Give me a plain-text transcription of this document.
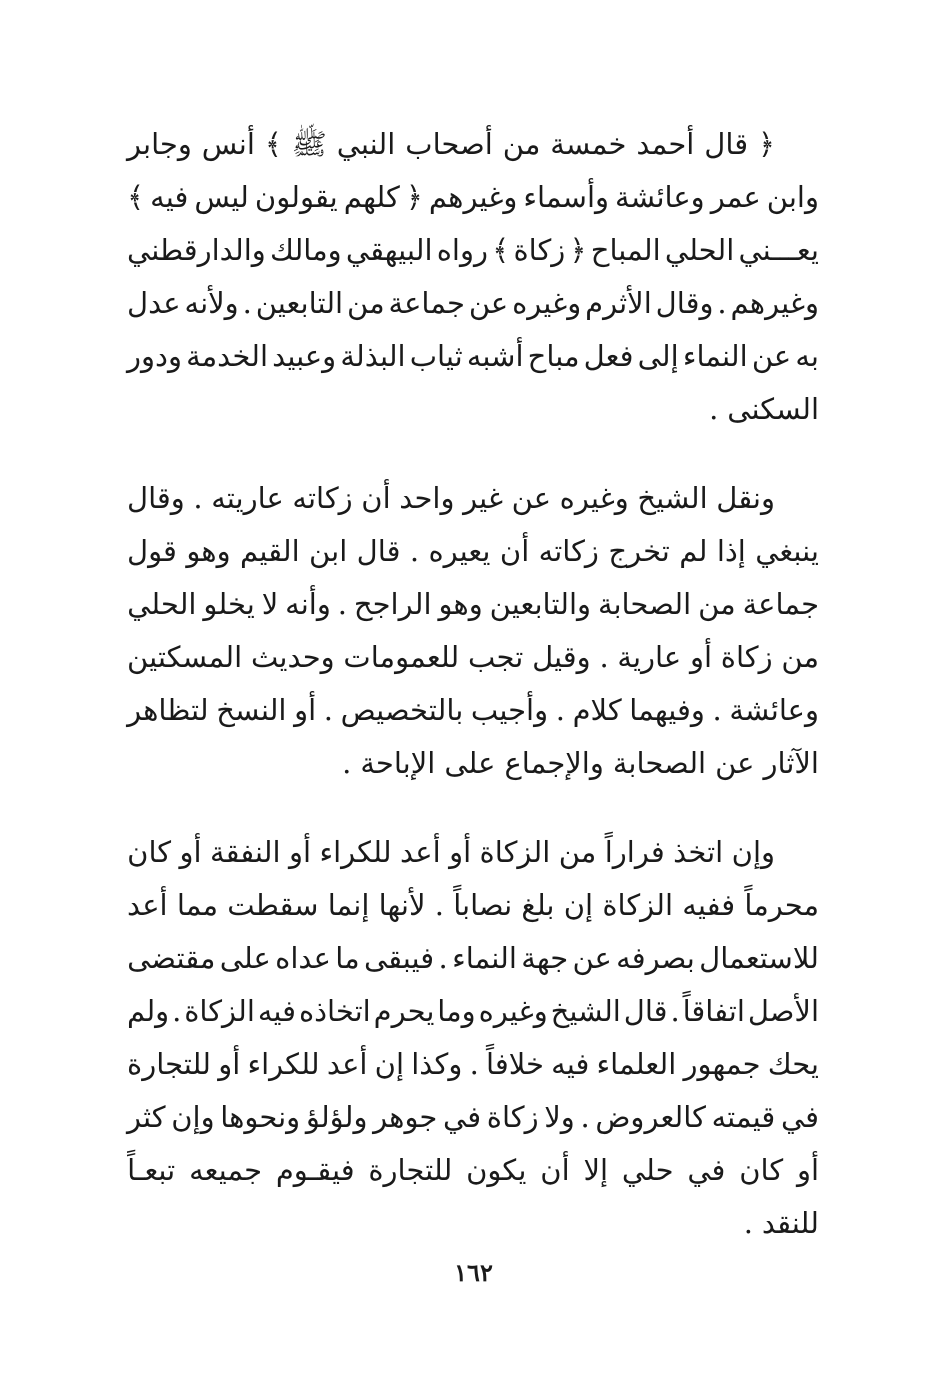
﴿
قال
أحمد
خمسة
من
أصحاب
النبي
ﷺ
﴾
أنس
وجابر
وابن
عمر
وعائشة
وأسماء
وغيرهم
﴿
كلهم
يقولون
ليس
فيه
﴾
يعـــني
الحلي
المباح
﴿
زكاة
﴾
رواه
البيهقي
ومالك
والدارقطني
وغيرهم
.
وقال
الأثرم
وغيره
عن
جماعة
من
التابعين
.
ولأنه
عدل
به
عن
النماء
إلى
فعل
مباح
أشبه
ثياب
البذلة
وعبيد
الخدمة
ودور
السكنى
.
ونقل
الشيخ
وغيره
عن
غير
واحد
أن
زكاته
عاريته
.
وقال
ينبغي
إذا
لم
تخرج
زكاته
أن
يعيره
.
قال
ابن
القيم
وهو
قول
جماعة
من
الصحابة
والتابعين
وهو
الراجح
.
وأنه
لا
يخلو
الحلي
من
زكاة
أو
عارية
.
وقيل
تجب
للعمومات
وحديث
المسكتين
وعائشة
.
وفيهما
كلام
.
وأجيب
بالتخصيص
.
أو
النسخ
لتظاهر
الآثار
عن
الصحابة
والإجماع
على
الإباحة
.
وإن
اتخذ
فراراً
من
الزكاة
أو
أعد
للكراء
أو
النفقة
أو
كان
محرماً
ففيه
الزكاة
إن
بلغ
نصاباً
.
لأنها
إنما
سقطت
مما
أعد
للاستعمال
بصرفه
عن
جهة
النماء
.
فيبقى
ما
عداه
على
مقتضى
الأصل
اتفاقاً
.
قال
الشيخ
وغيره
وما
يحرم
اتخاذه
فيه
الزكاة
.
ولم
يحك
جمهور
العلماء
فيه
خلافاً
.
وكذا
إن
أعد
للكراء
أو
للتجارة
في
قيمته
كالعروض
.
ولا
زكاة
في
جوهر
ولؤلؤ
ونحوها
وإن
كثر
أو
كان
في
حلي
إلا
أن
يكون
للتجارة
فيقـوم
جميعه
تبعـاً
للنقد
.
١٦٢
